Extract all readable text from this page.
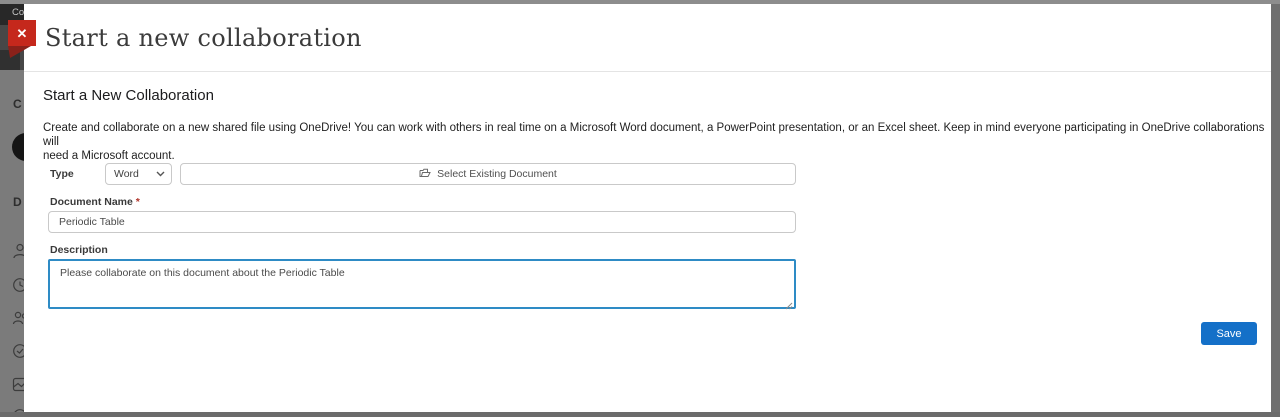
Co
C
D
Start a new collaboration
Start a New Collaboration
Create and collaborate on a new shared file using OneDrive! You can work with others in real time on a Microsoft Word document, a PowerPoint presentation, or an Excel sheet. Keep in mind everyone participating in OneDrive collaborations will
need a Microsoft account.
Type	Word	Select Existing Document
Document Name *
Periodic Table
Description
Please collaborate on this document about the Periodic Table
Save
✕
